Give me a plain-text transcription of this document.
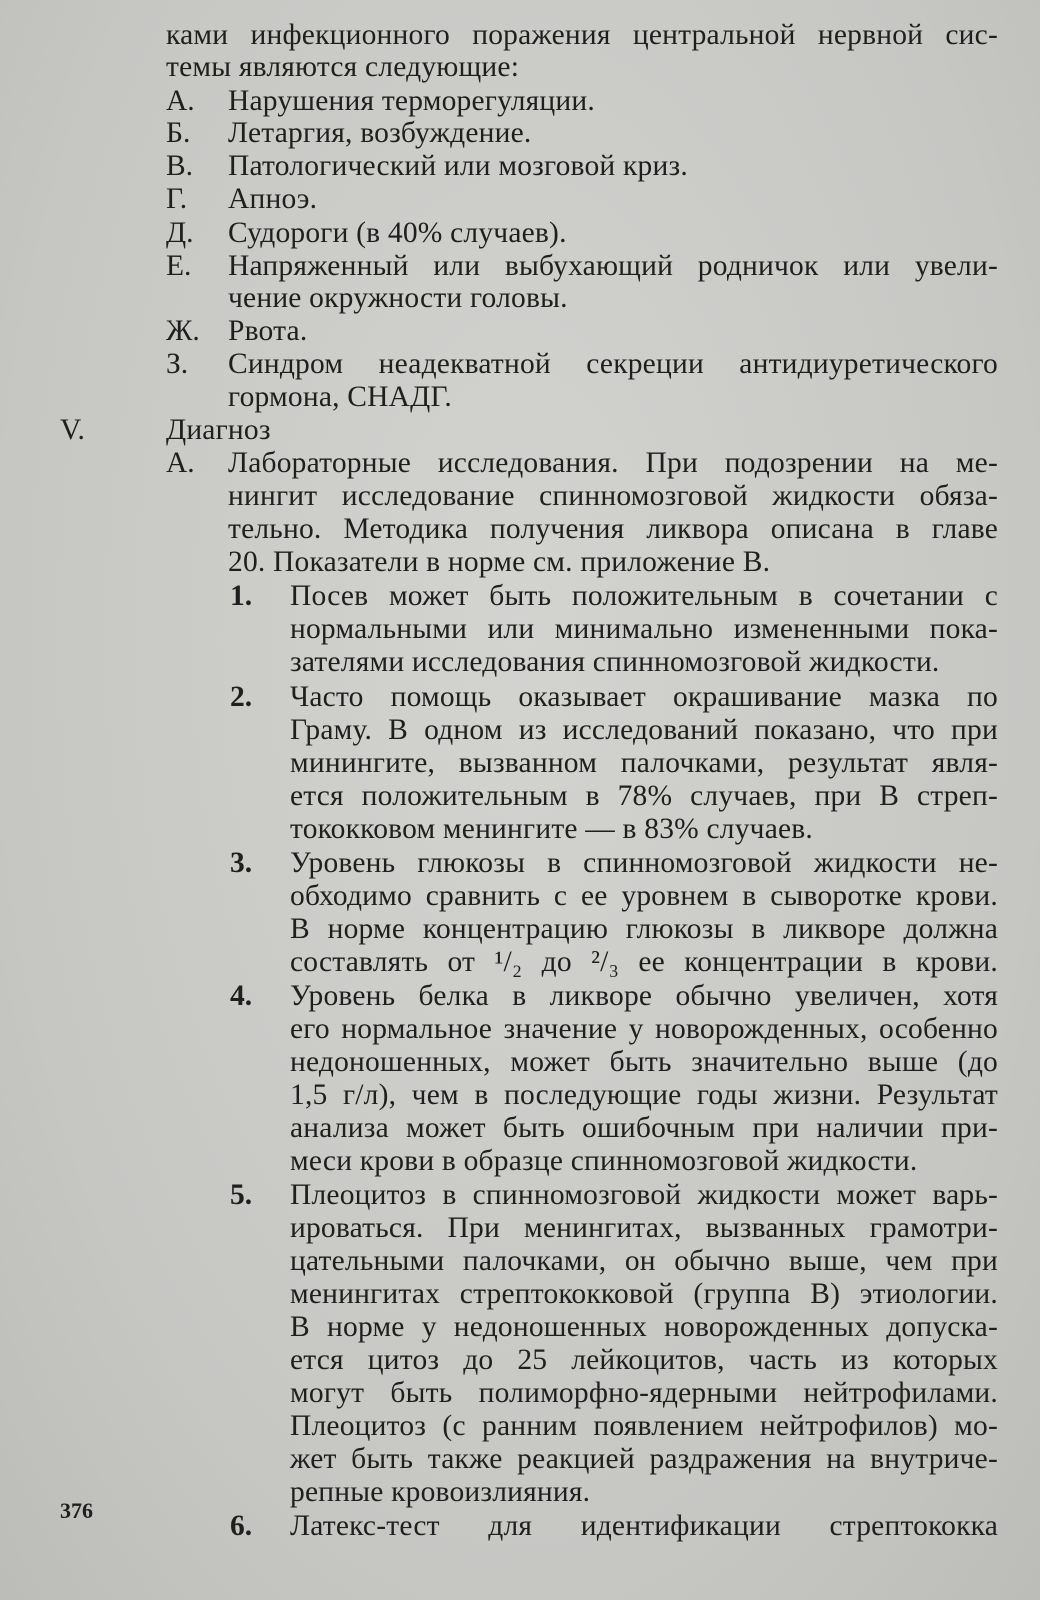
ками инфекционного поражения центральной нервной сис-
темы являются следующие:
А. Нарушения терморегуляции.
Б. Летаргия, возбуждение.
В. Патологический или мозговой криз.
Г. Апноэ.
Д. Судороги (в 40% случаев).
Е. Напряженный или выбухающий родничок или увели-
чение окружности головы.
Ж. Рвота.
З. Синдром неадекватной секреции антидиуретического
гормона, СНАДГ.
V.	Диагноз
А. Лабораторные исследования. При подозрении на ме-
нингит исследование спинномозговой жидкости обяза-
тельно. Методика получения ликвора описана в главе
20. Показатели в норме см. приложение В.
1. Посев может быть положительным в сочетании с
нормальными или минимально измененными пока-
зателями исследования спинномозговой жидкости.
2. Часто помощь оказывает окрашивание мазка по
Граму. В одном из исследований показано, что при
минингите, вызванном палочками, результат явля-
ется положительным в 78% случаев, при В стреп-
тококковом менингите — в 83% случаев.
3. Уровень глюкозы в спинномозговой жидкости не-
обходимо сравнить с ее уровнем в сыворотке крови.
В норме концентрацию глюкозы в ликворе должна
составлять от ¹/₂ до ²/₃ ее концентрации в крови.
4. Уровень белка в ликворе обычно увеличен, хотя
его нормальное значение у новорожденных, особенно
недоношенных, может быть значительно выше (до
1,5 г/л), чем в последующие годы жизни. Результат
анализа может быть ошибочным при наличии при-
меси крови в образце спинномозговой жидкости.
5. Плеоцитоз в спинномозговой жидкости может варь-
ироваться. При менингитах, вызванных грамотри-
цательными палочками, он обычно выше, чем при
менингитах стрептококковой (группа В) этиологии.
В норме у недоношенных новорожденных допуска-
ется цитоз до 25 лейкоцитов, часть из которых
могут быть полиморфно-ядерными нейтрофилами.
Плеоцитоз (с ранним появлением нейтрофилов) мо-
жет быть также реакцией раздражения на внутриче-
репные кровоизлияния.
6. Латекс-тест для идентификации стрептококка
376
